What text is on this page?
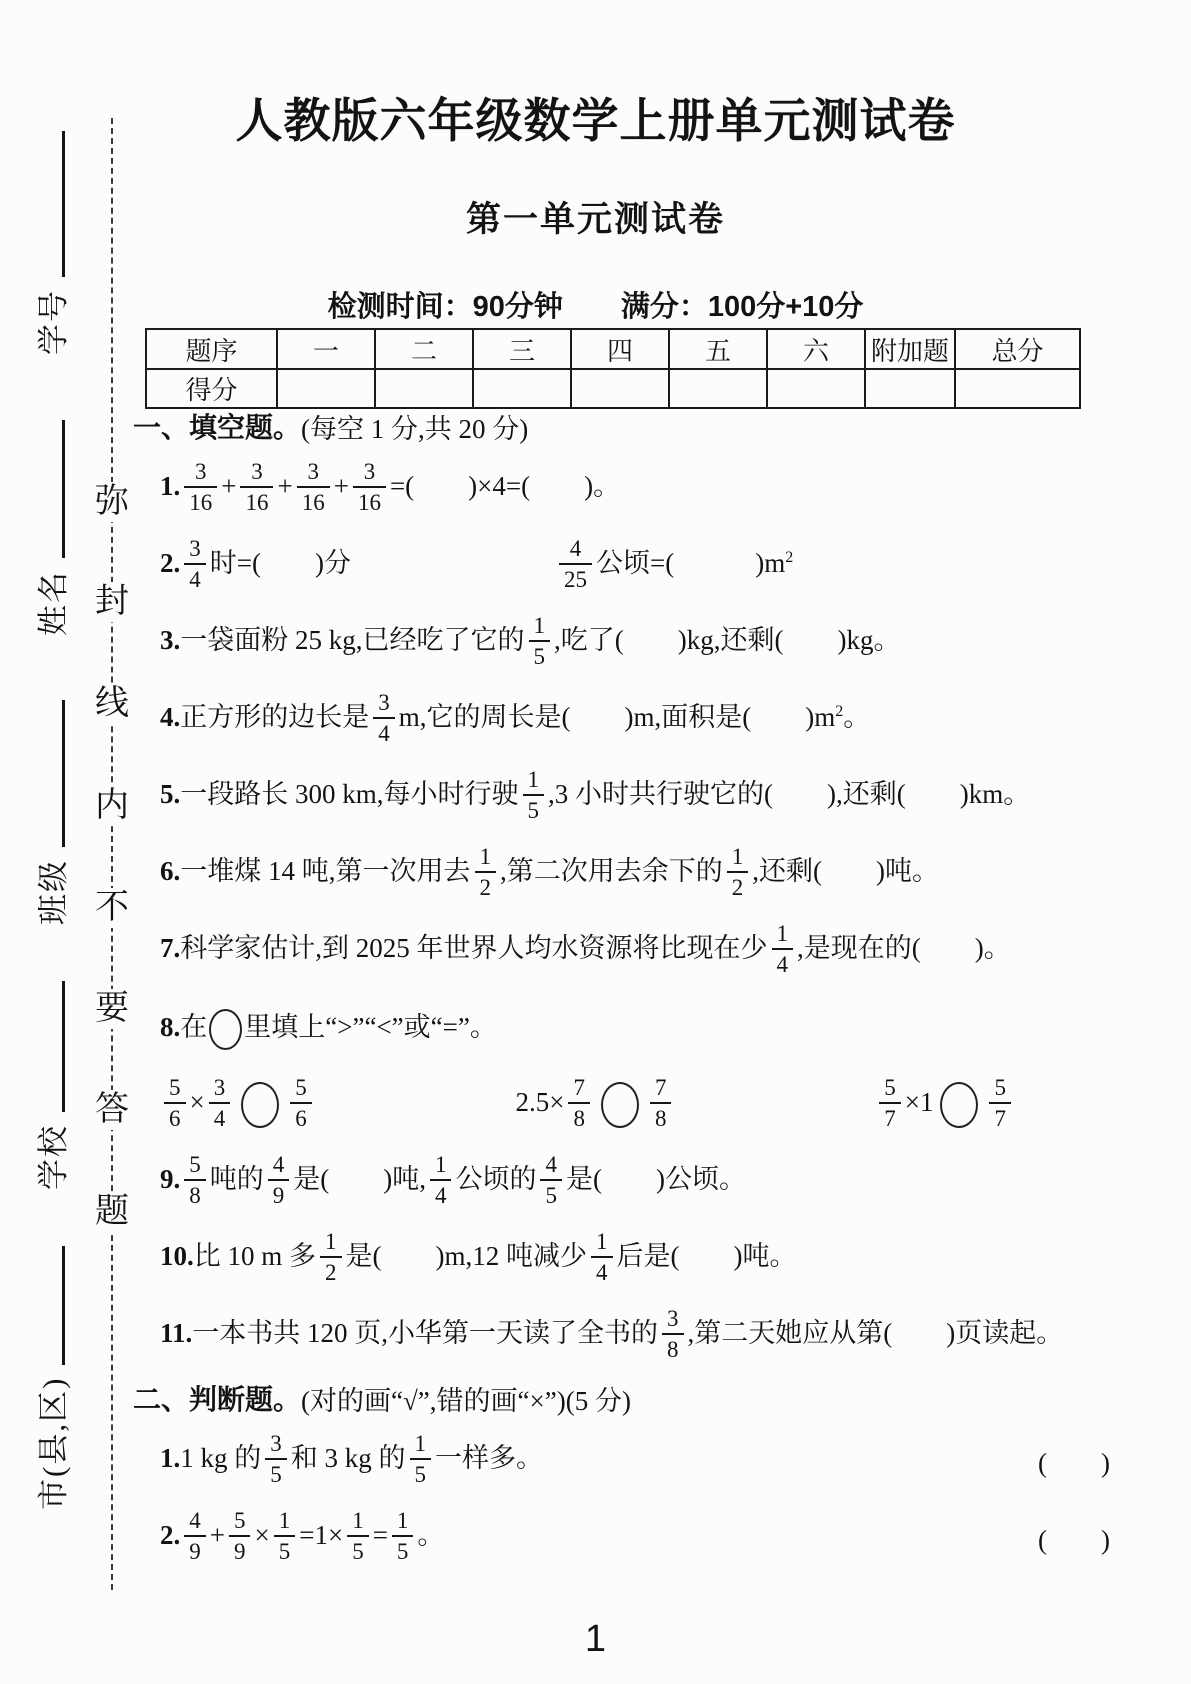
弥
封
线
内
不
要
答
题
学号
姓名
班级
学校
市(县,区)
人教版六年级数学上册单元测试卷
第一单元测试卷
检测时间：90分钟　　满分：100分+10分
题序	一	二	三	四	五	六	附加题	总分
得分								
一、填空题。 (每空 1 分,共 20 分)
1. $\frac{3}{16} + \frac{3}{16} + \frac{3}{16} + \frac{3}{16}$ =(　　)×4=(　　)。
2. $\frac{3}{4}$ 时=(　　)分	$\frac{4}{25}$ 公顷=(　　　)$m^2$
3.一袋面粉 25 kg,已经吃了它的 $\frac{1}{5}$ ,吃了(　　)kg,还剩(　　)kg。
4.正方形的边长是 $\frac{3}{4} m$,它的周长是(　　)m,面积是(　　)$m^2$。
5.一段路长 300 km,每小时行驶 $\frac{1}{5} ,3$ 小时共行驶它的(　　),还剩(　　)km。
6.一堆煤 14 吨,第一次用去 $\frac{1}{2}$ ,第二次用去余下的 $\frac{1}{2}$ ,还剩(　　)吨。
7.科学家估计,到 2025 年世界人均水资源将比现在少 $\frac{1}{4}$ ,是现在的(　　)。
8.在 里填上“>”“<”或“=”。
$\frac{5}{6} \times \frac{3}{4}$	$\frac{5}{6}$	$2.5\times \frac{7}{8}$	$\frac{7}{8}$	$\frac{5}{7} \times 1 \frac{5}{7}$
9. $\frac{5}{8}$ 吨的 $\frac{4}{9}$ 是(　　)吨, $\frac{1}{4}$ 公顷的 $\frac{4}{5}$ 是(　　)公顷。
10.比 10 m 多 $\frac{1}{2}$ 是(　　)m,12 吨减少 $\frac{1}{4}$ 后是(　　)吨。
11.一本书共 120 页,小华第一天读了全书的 $\frac{3}{8}$ ,第二天她应从第(　　)页读起。
二、判断题。 (对的画“√”,错的画“×”)(5 分)
1.1 kg 的 $\frac{3}{5}$ 和 3 kg 的 $\frac{1}{5}$ 一样多。	(　　)
2. $\frac{4}{9} + \frac{5}{9} \times \frac{1}{5} =1\times \frac{1}{5} = \frac{1}{5}$ 。	(　　)
1
